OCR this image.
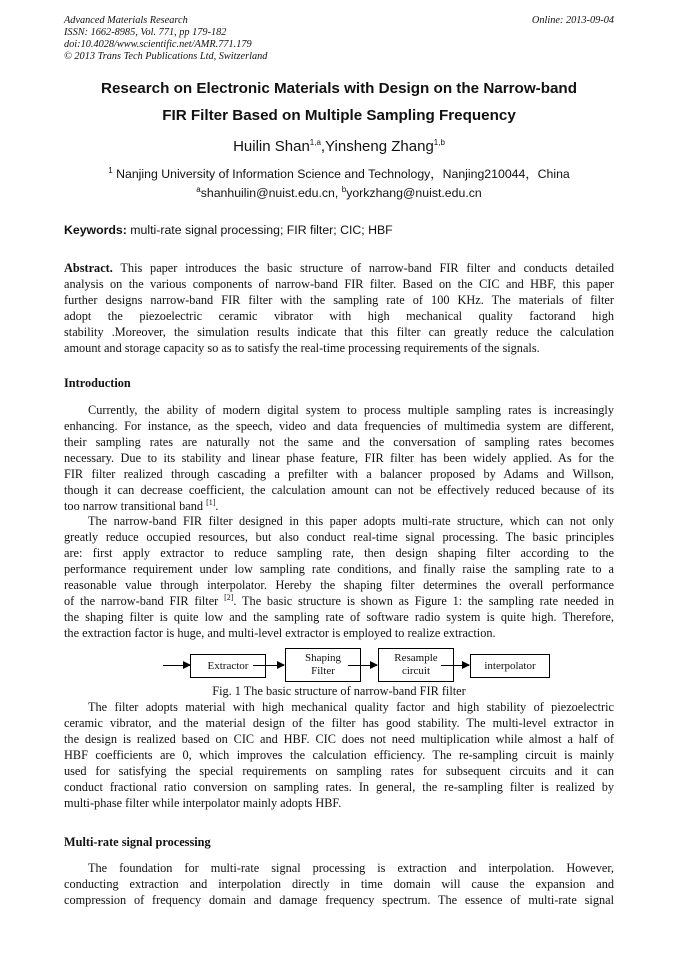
Advanced Materials Research
ISSN: 1662-8985, Vol. 771, pp 179-182
doi:10.4028/www.scientific.net/AMR.771.179
© 2013 Trans Tech Publications Ltd, Switzerland
Online: 2013-09-04
Research on Electronic Materials with Design on the Narrow-band
FIR Filter Based on Multiple Sampling Frequency
Huilin Shan$^{1,a}$,Yinsheng Zhang$^{1,b}$
$^1$ Nanjing University of Information Science and Technology，Nanjing210044，China
$^a$shanhuilin@nuist.edu.cn, $^b$yorkzhang@nuist.edu.cn
Keywords: multi-rate signal processing; FIR filter; CIC; HBF
Introduction
Extractor
Shaping Filter
Resample circuit	interpolator
Fig. 1 The basic structure of narrow-band FIR filter
Multi-rate signal processing
Abstract. This paper introduces the basic structure of narrow-band FIR filter and conducts detailed
analysis on the various components of narrow-band FIR filter. Based on the CIC and HBF, this paper
further designs narrow-band FIR filter with the sampling rate of 100 KHz. The materials of filter
adopt the piezoelectric ceramic vibrator with high mechanical quality factorand high
stability .Moreover, the simulation results indicate that this filter can greatly reduce the calculation
amount and storage capacity so as to satisfy the real-time processing requirements of the signals.
Currently, the ability of modern digital system to process multiple sampling rates is increasingly
enhancing. For instance, as the speech, video and data frequencies of multimedia system are different,
their sampling rates are naturally not the same and the conversation of sampling rates becomes
necessary. Due to its stability and linear phase feature, FIR filter has been widely applied. As for the
FIR filter realized through cascading a prefilter with a balancer proposed by Adams and Willson,
though it can decrease coefficient, the calculation amount can not be effectively reduced because of its
too narrow transitional band [1].
The narrow-band FIR filter designed in this paper adopts multi-rate structure, which can not only
greatly reduce occupied resources, but also conduct real-time signal processing. The basic principles
are: first apply extractor to reduce sampling rate, then design shaping filter according to the
performance requirement under low sampling rate conditions, and finally raise the sampling rate to a
reasonable value through interpolator. Hereby the shaping filter determines the overall performance
of the narrow-band FIR filter [2]. The basic structure is shown as Figure 1: the sampling rate needed in
the shaping filter is quite low and the sampling rate of software radio system is quite high. Therefore,
the extraction factor is huge, and multi-level extractor is employed to realize extraction.
The filter adopts material with high mechanical quality factor and high stability of piezoelectric
ceramic vibrator, and the material design of the filter has good stability. The multi-level extractor in
the design is realized based on CIC and HBF. CIC does not need multiplication while almost a half of
HBF coefficients are 0, which improves the calculation efficiency. The re-sampling circuit is mainly
used for satisfying the special requirements on sampling rates for subsequent circuits and it can
conduct fractional ratio conversion on sampling rates. In general, the re-sampling filter is realized by
multi-phase filter while interpolator mainly adopts HBF.
The foundation for multi-rate signal processing is extraction and interpolation. However,
conducting extraction and interpolation directly in time domain will cause the expansion and
compression of frequency domain and damage frequency spectrum. The essence of multi-rate signal
